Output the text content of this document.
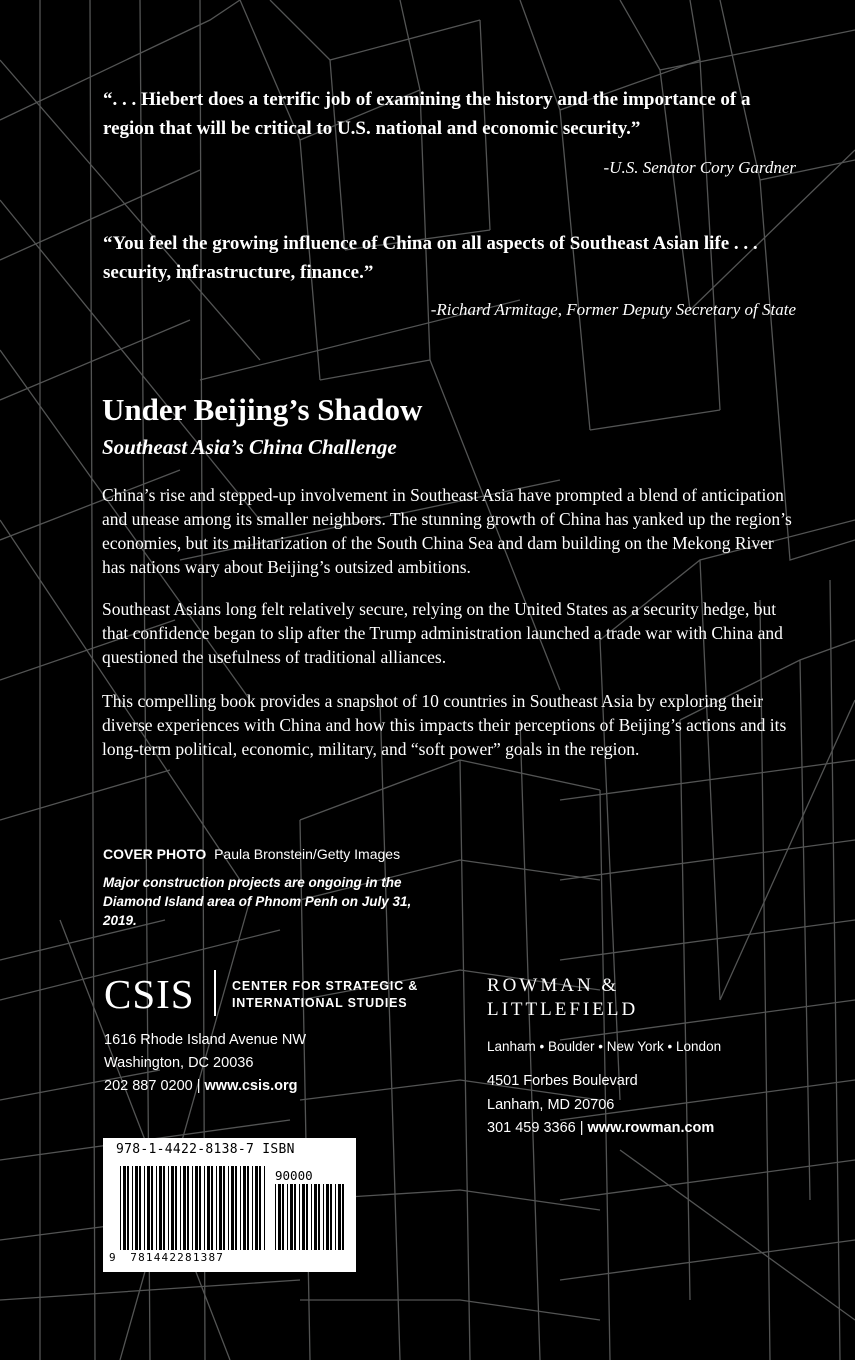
“. . . Hiebert does a terrific job of examining the history and the importance of a region that will be critical to U.S. national and economic security.”
-U.S. Senator Cory Gardner
“You feel the growing influence of China on all aspects of Southeast Asian life . . . security, infrastructure, finance.”
-Richard Armitage, Former Deputy Secretary of State
Under Beijing’s Shadow
Southeast Asia’s China Challenge
China’s rise and stepped-up involvement in Southeast Asia have prompted a blend of anticipation and unease among its smaller neighbors. The stunning growth of China has yanked up the region’s economies, but its militarization of the South China Sea and dam building on the Mekong River has nations wary about Beijing’s outsized ambitions.
Southeast Asians long felt relatively secure, relying on the United States as a security hedge, but that confidence began to slip after the Trump administration launched a trade war with China and questioned the usefulness of traditional alliances.
This compelling book provides a snapshot of 10 countries in Southeast Asia by exploring their diverse experiences with China and how this impacts their perceptions of Beijing’s actions and its long-term political, economic, military, and “soft power” goals in the region.
COVER PHOTO Paula Bronstein/Getty Images
Major construction projects are ongoing in the Diamond Island area of Phnom Penh on July 31, 2019.
CSIS	CENTER FOR STRATEGIC &
INTERNATIONAL STUDIES
1616 Rhode Island Avenue NW
Washington, DC 20036
202 887 0200 | www.csis.org
ROWMAN &
LITTLEFIELD
Lanham • Boulder • New York • London
4501 Forbes Boulevard
Lanham, MD 20706
301 459 3366 | www.rowman.com
978-1-4422-8138-7 ISBN
90000
9 781442281387
